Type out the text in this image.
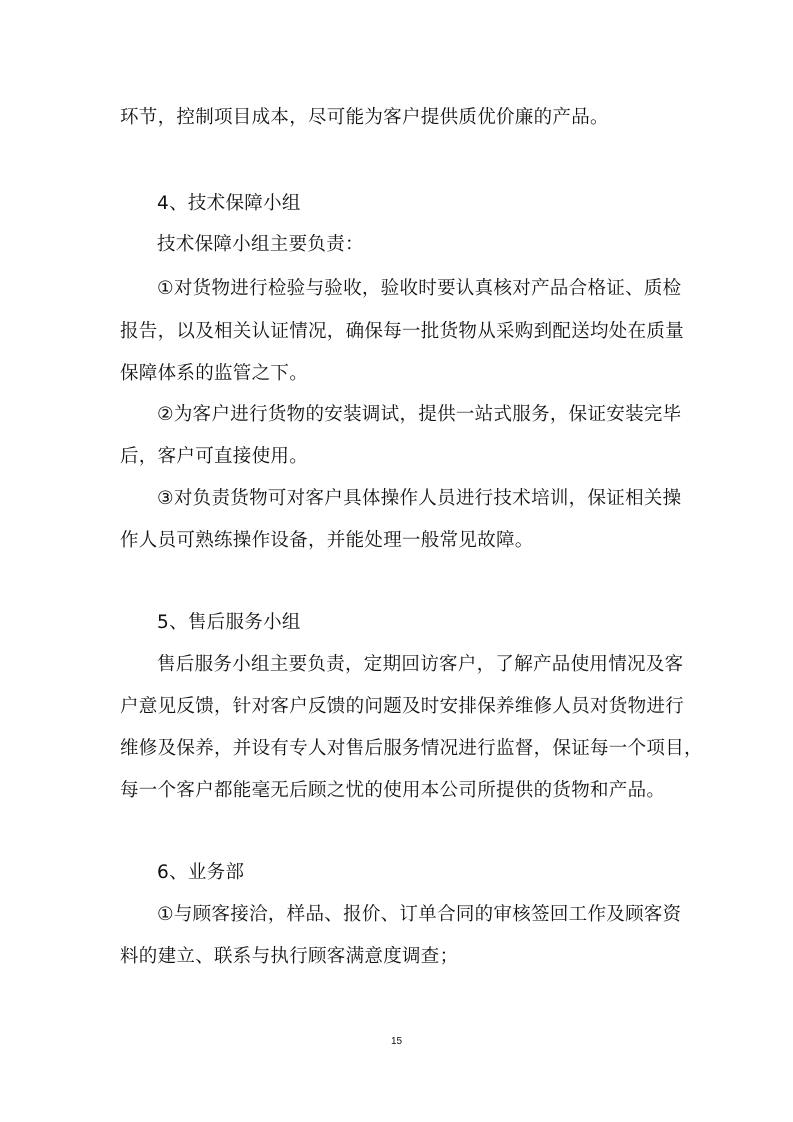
环节，控制项目成本，尽可能为客户提供质优价廉的产品。
4、技术保障小组
技术保障小组主要负责：
①对货物进行检验与验收，验收时要认真核对产品合格证、质检
报告，以及相关认证情况，确保每一批货物从采购到配送均处在质量
保障体系的监管之下。
②为客户进行货物的安装调试，提供一站式服务，保证安装完毕
后，客户可直接使用。
③对负责货物可对客户具体操作人员进行技术培训，保证相关操
作人员可熟练操作设备，并能处理一般常见故障。
5、售后服务小组
售后服务小组主要负责，定期回访客户，了解产品使用情况及客
户意见反馈，针对客户反馈的问题及时安排保养维修人员对货物进行
维修及保养，并设有专人对售后服务情况进行监督，保证每一个项目，
每一个客户都能毫无后顾之忧的使用本公司所提供的货物和产品。
6、业务部
①与顾客接洽，样品、报价、订单合同的审核签回工作及顾客资
料的建立、联系与执行顾客满意度调查；
15
